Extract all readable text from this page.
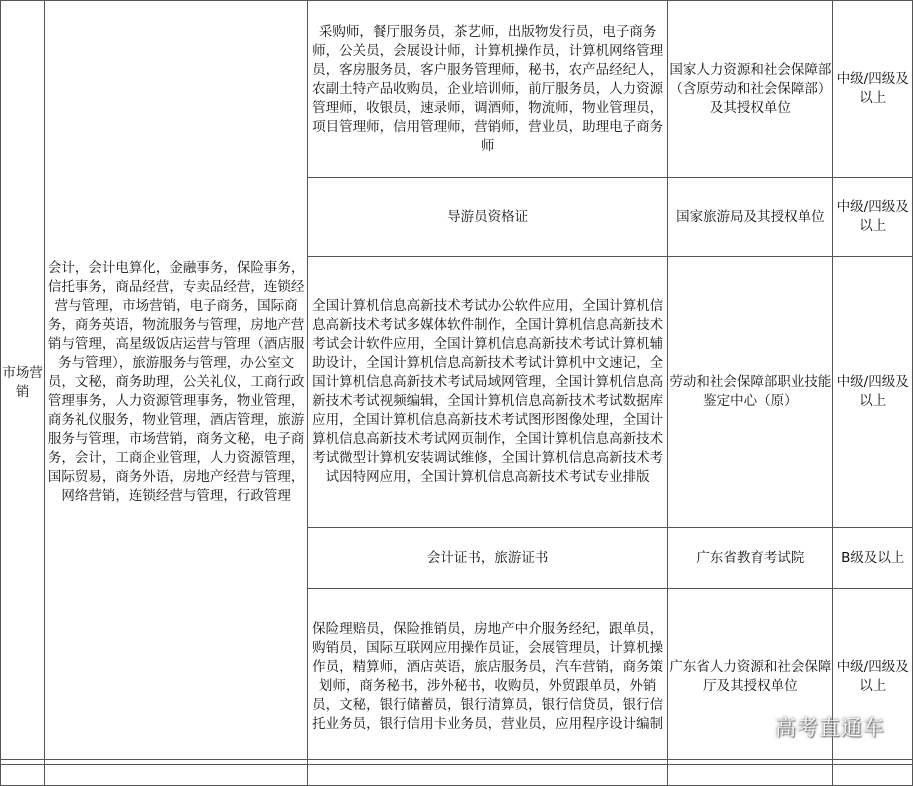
市场营销	会计，会计电算化，金融事务，保险事务，信托事务，商品经营，专卖品经营，连锁经营与管理，市场营销，电子商务，国际商务，商务英语，物流服务与管理，房地产营销与管理，高星级饭店运营与管理（酒店服务与管理），旅游服务与管理，办公室文员，文秘，商务助理，公关礼仪，工商行政管理事务，人力资源管理事务，物业管理，商务礼仪服务，物业管理，酒店管理，旅游服务与管理，市场营销，商务文秘，电子商务，会计，工商企业管理，人力资源管理，国际贸易，商务外语，房地产经营与管理，网络营销，连锁经营与管理，行政管理	采购师，餐厅服务员，茶艺师，出版物发行员，电子商务师，公关员，会展设计师，计算机操作员，计算机网络管理员，客房服务员，客户服务管理师，秘书，农产品经纪人，农副土特产品收购员，企业培训师，前厅服务员，人力资源管理师，收银员，速录师，调酒师，物流师，物业管理员，项目管理师，信用管理师，营销师，营业员，助理电子商务师	国家人力资源和社会保障部（含原劳动和社会保障部）及其授权单位	中级/四级及以上
		导游员资格证	国家旅游局及其授权单位	中级/四级及以上
		全国计算机信息高新技术考试办公软件应用，全国计算机信息高新技术考试多媒体软件制作，全国计算机信息高新技术考试会计软件应用，全国计算机信息高新技术考试计算机辅助设计，全国计算机信息高新技术考试计算机中文速记，全国计算机信息高新技术考试局域网管理，全国计算机信息高新技术考试视频编辑，全国计算机信息高新技术考试数据库应用，全国计算机信息高新技术考试图形图像处理，全国计算机信息高新技术考试网页制作，全国计算机信息高新技术考试微型计算机安装调试维修，全国计算机信息高新技术考试因特网应用，全国计算机信息高新技术考试专业排版	劳动和社会保障部职业技能鉴定中心（原）	中级/四级及以上
		会计证书，旅游证书	广东省教育考试院	B级及以上
		保险理赔员，保险推销员，房地产中介服务经纪，跟单员，购销员，国际互联网应用操作员证，会展管理员，计算机操作员，精算师，酒店英语，旅店服务员，汽车营销，商务策划师，商务秘书，涉外秘书，收购员，外贸跟单员，外销员，文秘，银行储蓄员，银行清算员，银行信贷员，银行信托业务员，银行信用卡业务员，营业员，应用程序设计编制	广东省人力资源和社会保障厅及其授权单位	中级/四级及以上

高考直通车
